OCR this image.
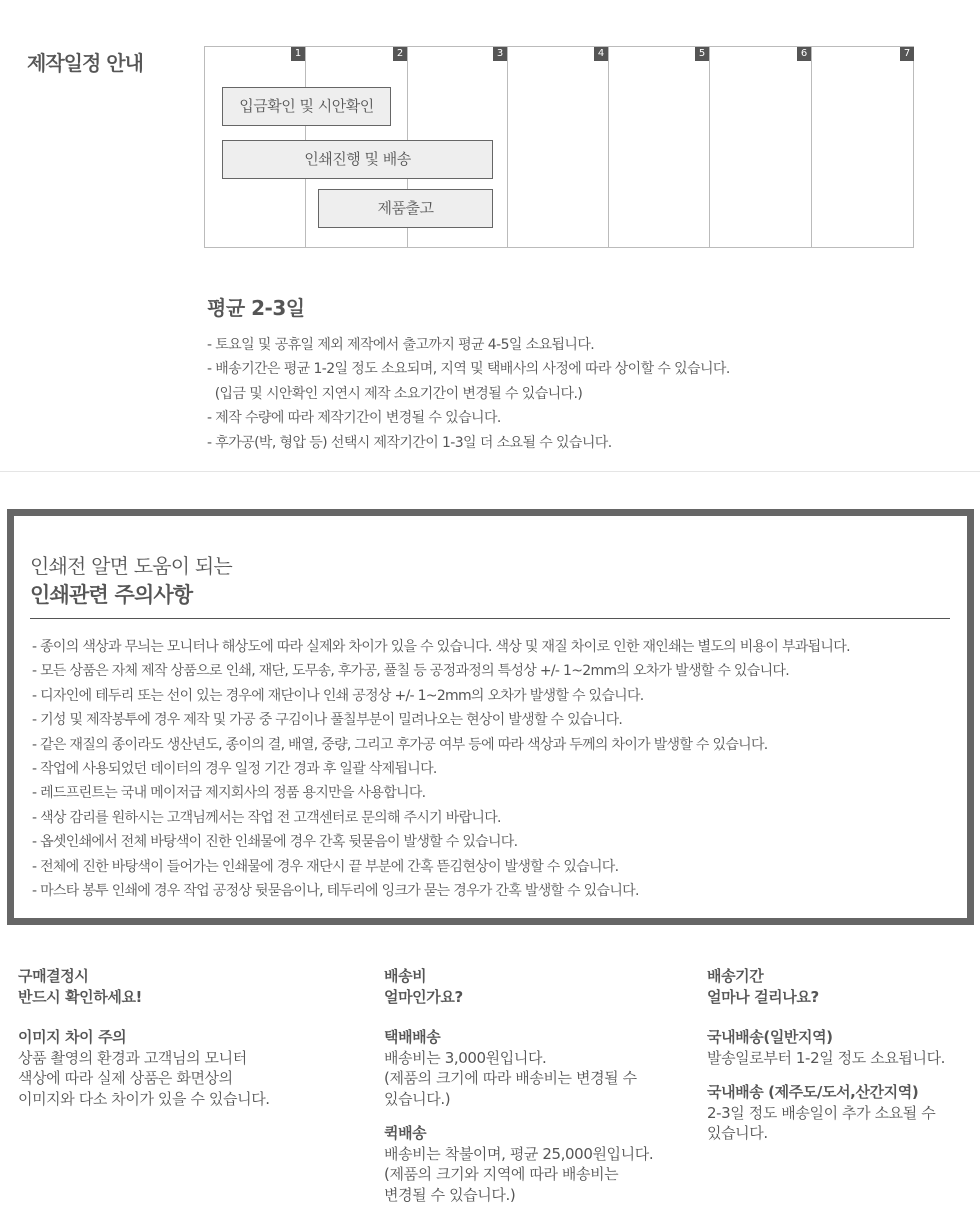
제작일정 안내	1	2	3	4	5	6	7
입금확인 및 시안확인
인쇄진행 및 배송
제품출고
평균 2-3일
- 토요일 및 공휴일 제외 제작에서 출고까지 평균 4-5일 소요됩니다.
- 배송기간은 평균 1-2일 정도 소요되며, 지역 및 택배사의 사정에 따라 상이할 수 있습니다.
(입금 및 시안확인 지연시 제작 소요기간이 변경될 수 있습니다.)
- 제작 수량에 따라 제작기간이 변경될 수 있습니다.
- 후가공(박, 형압 등) 선택시 제작기간이 1-3일 더 소요될 수 있습니다.
인쇄전 알면 도움이 되는
인쇄관련 주의사항
- 종이의 색상과 무늬는 모니터나 해상도에 따라 실제와 차이가 있을 수 있습니다. 색상 및 재질 차이로 인한 재인쇄는 별도의 비용이 부과됩니다.
- 모든 상품은 자체 제작 상품으로 인쇄, 재단, 도무송, 후가공, 풀칠 등 공정과정의 특성상 +/- 1~2mm의 오차가 발생할 수 있습니다.
- 디자인에 테두리 또는 선이 있는 경우에 재단이나 인쇄 공정상 +/- 1~2mm의 오차가 발생할 수 있습니다.
- 기성 및 제작봉투에 경우 제작 및 가공 중 구김이나 풀칠부분이 밀려나오는 현상이 발생할 수 있습니다.
- 같은 재질의 종이라도 생산년도, 종이의 결, 배열, 중량, 그리고 후가공 여부 등에 따라 색상과 두께의 차이가 발생할 수 있습니다.
- 작업에 사용되었던 데이터의 경우 일정 기간 경과 후 일괄 삭제됩니다.
- 레드프린트는 국내 메이저급 제지회사의 정품 용지만을 사용합니다.
- 색상 감리를 원하시는 고객님께서는 작업 전 고객센터로 문의해 주시기 바랍니다.
- 옵셋인쇄에서 전체 바탕색이 진한 인쇄물에 경우 간혹 뒷묻음이 발생할 수 있습니다.
- 전체에 진한 바탕색이 들어가는 인쇄물에 경우 재단시 끝 부분에 간혹 뜯김현상이 발생할 수 있습니다.
- 마스타 봉투 인쇄에 경우 작업 공정상 뒷묻음이나, 테두리에 잉크가 묻는 경우가 간혹 발생할 수 있습니다.
구매결정시
반드시 확인하세요!
이미지 차이 주의
상품 촬영의 환경과 고객님의 모니터
색상에 따라 실제 상품은 화면상의
이미지와 다소 차이가 있을 수 있습니다.
배송비
얼마인가요?
택배배송
배송비는 3,000원입니다.
(제품의 크기에 따라 배송비는 변경될 수
있습니다.)
퀵배송
배송비는 착불이며, 평균 25,000원입니다.
(제품의 크기와 지역에 따라 배송비는
변경될 수 있습니다.)
배송기간
얼마나 걸리나요?
국내배송(일반지역)
발송일로부터 1-2일 정도 소요됩니다.
국내배송 (제주도/도서,산간지역)
2-3일 정도 배송일이 추가 소요될 수
있습니다.
